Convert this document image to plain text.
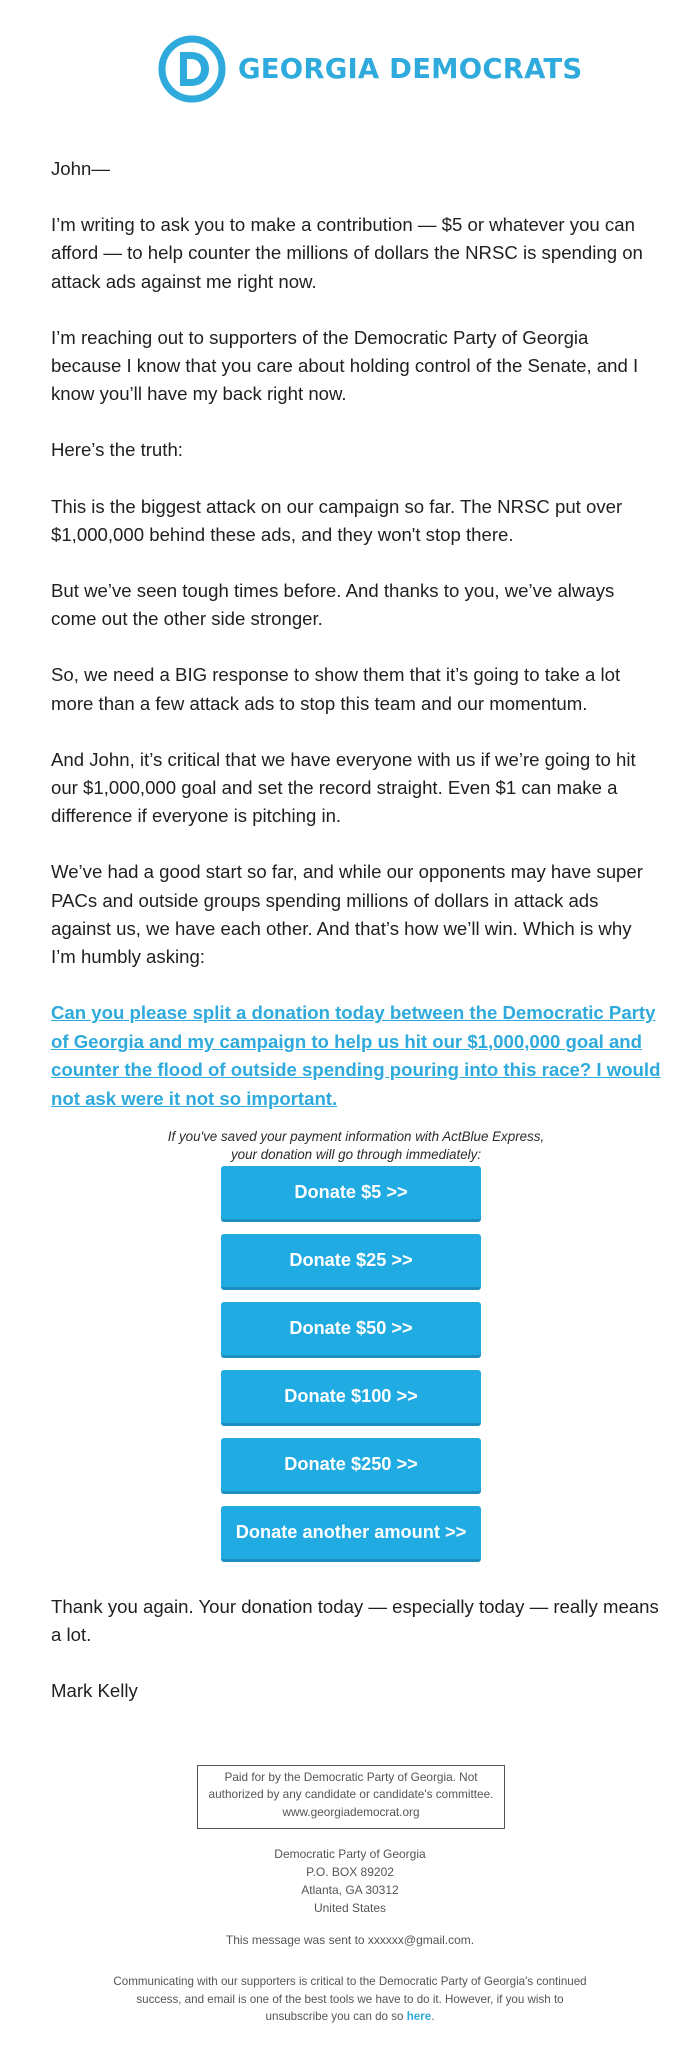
GEORGIA DEMOCRATS

John—

I’m writing to ask you to make a contribution — $5 or whatever you can afford — to help counter the millions of dollars the NRSC is spending on attack ads against me right now.

I’m reaching out to supporters of the Democratic Party of Georgia because I know that you care about holding control of the Senate, and I know you’ll have my back right now.

Here’s the truth:

This is the biggest attack on our campaign so far. The NRSC put over $1,000,000 behind these ads, and they won't stop there.

But we’ve seen tough times before. And thanks to you, we’ve always come out the other side stronger.

So, we need a BIG response to show them that it’s going to take a lot more than a few attack ads to stop this team and our momentum.

And John, it’s critical that we have everyone with us if we’re going to hit our $1,000,000 goal and set the record straight. Even $1 can make a difference if everyone is pitching in.

We’ve had a good start so far, and while our opponents may have super PACs and outside groups spending millions of dollars in attack ads against us, we have each other. And that’s how we’ll win. Which is why I’m humbly asking:

Can you please split a donation today between the Democratic Party of Georgia and my campaign to help us hit our $1,000,000 goal and counter the flood of outside spending pouring into this race? I would not ask were it not so important.
If you've saved your payment information with ActBlue Express,
your donation will go through immediately:
Donate $5 >>
Donate $25 >>
Donate $50 >>
Donate $100 >>
Donate $250 >>
Donate another amount >>

Thank you again. Your donation today — especially today — really means a lot.

Mark Kelly

Paid for by the Democratic Party of Georgia. Not
authorized by any candidate or candidate's committee.
www.georgiademocrat.org
Democratic Party of Georgia
P.O. BOX 89202
Atlanta, GA 30312
United States
This message was sent to xxxxxx@gmail.com.
Communicating with our supporters is critical to the Democratic Party of Georgia's continued
success, and email is one of the best tools we have to do it. However, if you wish to
unsubscribe you can do so here.
